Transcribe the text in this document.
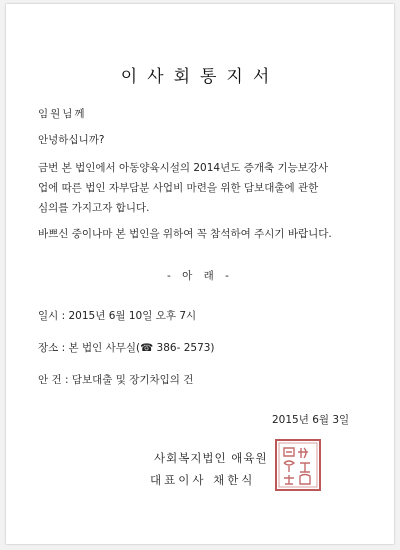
이사회통지서
임원님께
안녕하십니까?
금번 본 법인에서 아동양육시설의 2014년도 증개축 기능보강사
업에 따른 법인 자부담분 사업비 마련을 위한 담보대출에 관한
심의를 가지고자 합니다.
바쁘신 중이나마 본 법인을 위하여 꼭 참석하여 주시기 바랍니다.
- 아 래 -
일시 : 2015년 6월 10일 오후 7시
장소 : 본 법인 사무실(☎ 386- 2573)
안 건 : 담보대출 및 장기차입의 건
2015년 6월 3일
사회복지법인 애육원
대표이사 채한식
